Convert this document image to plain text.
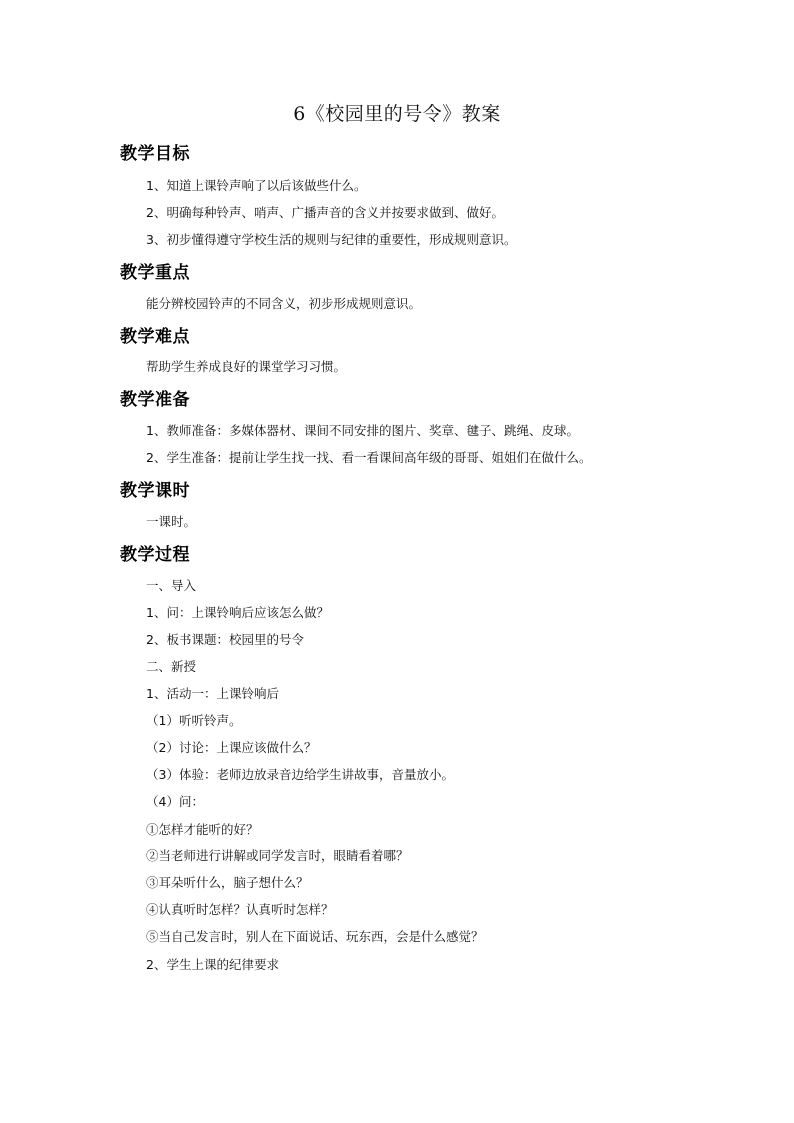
6《校园里的号令》教案
教学目标
1、知道上课铃声响了以后该做些什么。
2、明确每种铃声、哨声、广播声音的含义并按要求做到、做好。
3、初步懂得遵守学校生活的规则与纪律的重要性，形成规则意识。
教学重点
能分辨校园铃声的不同含义，初步形成规则意识。
教学难点
帮助学生养成良好的课堂学习习惯。
教学准备
1、教师准备：多媒体器材、课间不同安排的图片、奖章、毽子、跳绳、皮球。
2、学生准备：提前让学生找一找、看一看课间高年级的哥哥、姐姐们在做什么。
教学课时
一课时。
教学过程
一、导入
1、问：上课铃响后应该怎么做？
2、板书课题：校园里的号令
二、新授
1、活动一：上课铃响后
（1）听听铃声。
（2）讨论：上课应该做什么？
（3）体验：老师边放录音边给学生讲故事，音量放小。
（4）问：
①怎样才能听的好？
②当老师进行讲解或同学发言时，眼睛看着哪？
③耳朵听什么，脑子想什么？
④认真听时怎样？认真听时怎样？
⑤当自己发言时，别人在下面说话、玩东西，会是什么感觉？
2、学生上课的纪律要求
